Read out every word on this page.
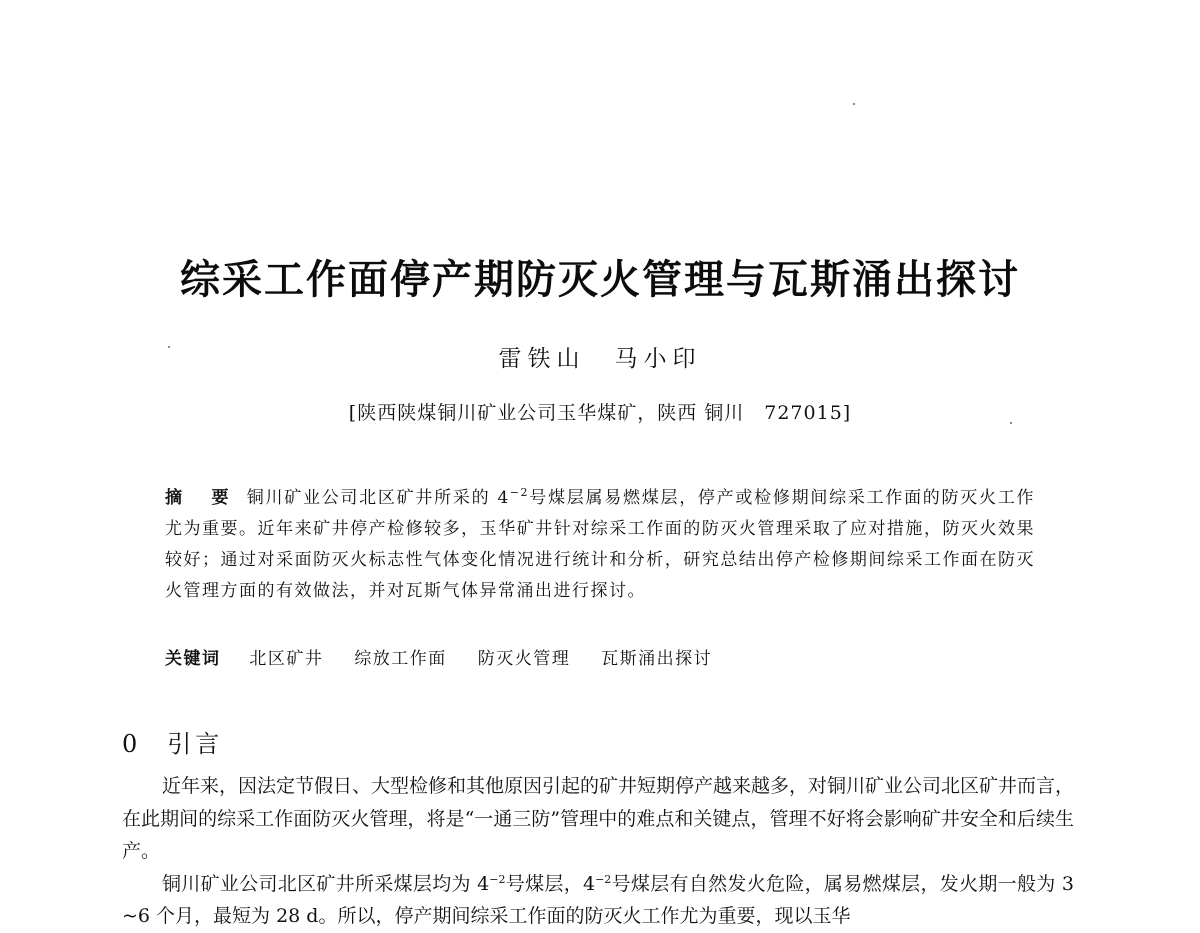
综采工作面停产期防灭火管理与瓦斯涌出探讨
雷铁山　马小印
[陕西陕煤铜川矿业公司玉华煤矿，陕西 铜川　727015]
摘　要 铜川矿业公司北区矿井所采的 $4^{-2}$号煤层属易燃煤层，停产或检修期间综采工作面的防灭火工作尤为重要。近年来矿井停产检修较多，玉华矿井针对综采工作面的防灭火管理采取了应对措施，防灭火效果较好；通过对采面防灭火标志性气体变化情况进行统计和分析，研究总结出停产检修期间综采工作面在防灭火管理方面的有效做法，并对瓦斯气体异常涌出进行探讨。
关键词 北区矿井 综放工作面 防灭火管理 瓦斯涌出探讨
0 引言

近年来，因法定节假日、大型检修和其他原因引起的矿井短期停产越来越多，对铜川矿业公司北区矿井而言，在此期间的综采工作面防灭火管理，将是“一通三防”管理中的难点和关键点，管理不好将会影响矿井安全和后续生产。

铜川矿业公司北区矿井所采煤层均为 $4^{-2}$号煤层，$4^{-2}$号煤层有自然发火危险，属易燃煤层，发火期一般为 3 ~6 个月，最短为 28 d。所以，停产期间综采工作面的防灭火工作尤为重要，现以玉华
